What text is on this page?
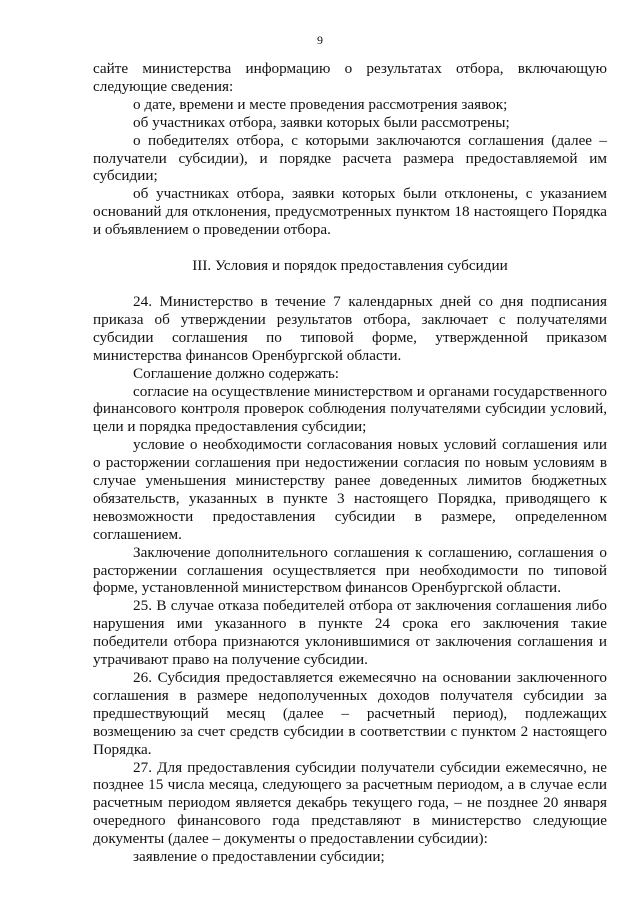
9

сайте министерства информацию о результатах отбора, включающую следующие сведения:

о дате, времени и месте проведения рассмотрения заявок;

об участниках отбора, заявки которых были рассмотрены;

о победителях отбора, с которыми заключаются соглашения (далее – получатели субсидии), и порядке расчета размера предоставляемой им субсидии;

об участниках отбора, заявки которых были отклонены, с указанием оснований для отклонения, предусмотренных пунктом 18 настоящего Порядка и объявлением о проведении отбора.

III. Условия и порядок предоставления субсидии

24. Министерство в течение 7 календарных дней со дня подписания приказа об утверждении результатов отбора, заключает с получателями субсидии соглашения по типовой форме, утвержденной приказом министерства финансов Оренбургской области.

Соглашение должно содержать:

согласие на осуществление министерством и органами государственного финансового контроля проверок соблюдения получателями субсидии условий, цели и порядка предоставления субсидии;

условие о необходимости согласования новых условий соглашения или о расторжении соглашения при недостижении согласия по новым условиям в случае уменьшения министерству ранее доведенных лимитов бюджетных обязательств, указанных в пункте 3 настоящего Порядка, приводящего к невозможности предоставления субсидии в размере, определенном соглашением.

Заключение дополнительного соглашения к соглашению, соглашения о расторжении соглашения осуществляется при необходимости по типовой форме, установленной министерством финансов Оренбургской области.

25. В случае отказа победителей отбора от заключения соглашения либо нарушения ими указанного в пункте 24 срока его заключения такие победители отбора признаются уклонившимися от заключения соглашения и утрачивают право на получение субсидии.

26. Субсидия предоставляется ежемесячно на основании заключенного соглашения в размере недополученных доходов получателя субсидии за предшествующий месяц (далее – расчетный период), подлежащих возмещению за счет средств субсидии в соответствии с пунктом 2 настоящего Порядка.

27. Для предоставления субсидии получатели субсидии ежемесячно, не позднее 15 числа месяца, следующего за расчетным периодом, а в случае если расчетным периодом является декабрь текущего года, – не позднее 20 января очередного финансового года представляют в министерство следующие документы (далее – документы о предоставлении субсидии):

заявление о предоставлении субсидии;
